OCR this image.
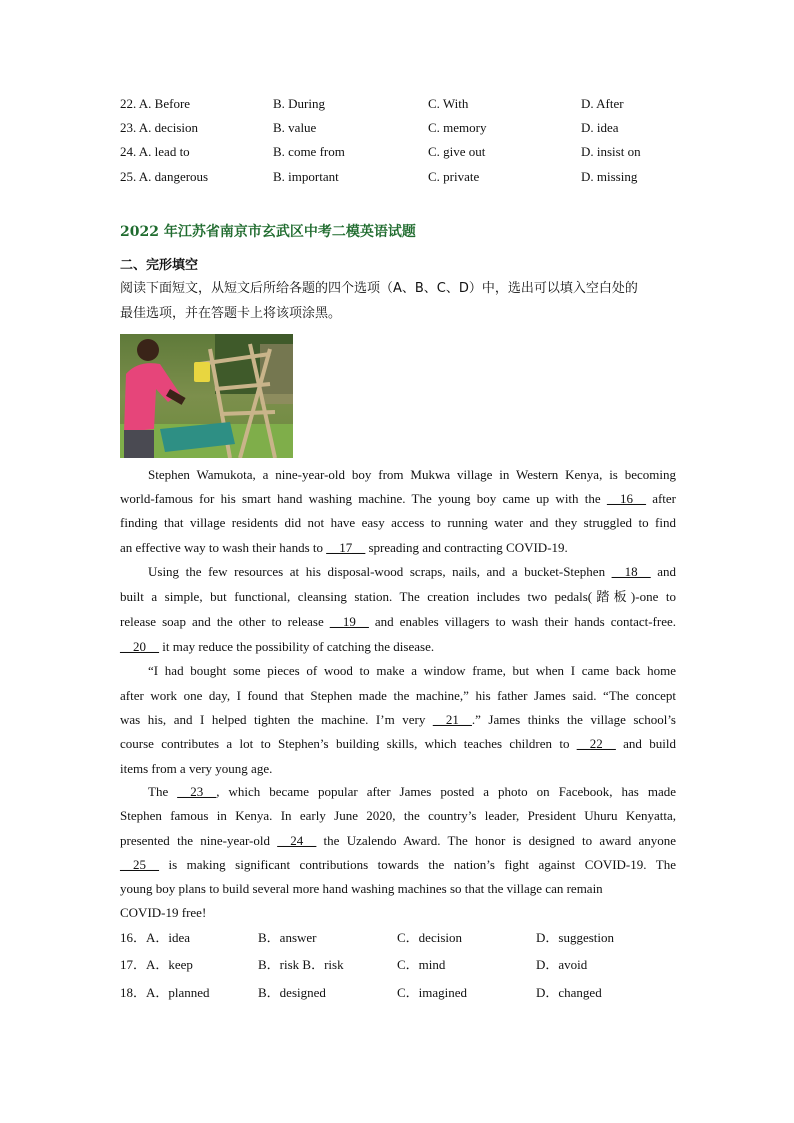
22. A. Before	B. During	C. With	D. After
23. A. decision	B. value	C. memory	D. idea
24. A. lead to	B. come from	C. give out	D. insist on
25. A. dangerous	B. important	C. private	D. missing
2022 年江苏省南京市玄武区中考二模英语试题
二、完形填空
阅读下面短文，从短文后所给各题的四个选项（A、B、C、D）中，选出可以填入空白处的
最佳选项，并在答题卡上将该项涂黑。
Stephen Wamukota, a nine-year-old boy from Mukwa village in Western Kenya, is becoming
world-famous for his smart hand washing machine. The young boy came up with the __16__ after
finding that village residents did not have easy access to running water and they struggled to find
an effective way to wash their hands to __17__ spreading and contracting COVID-19.
Using the few resources at his disposal-wood scraps, nails, and a bucket-Stephen __18__ and
built a simple, but functional, cleansing station. The creation includes two pedals(踏板)-one to
release soap and the other to release __19__ and enables villagers to wash their hands contact-free.
__20__ it may reduce the possibility of catching the disease.
“I had bought some pieces of wood to make a window frame, but when I came back home
after work one day, I found that Stephen made the machine,” his father James said. “The concept
was his, and I helped tighten the machine. I’m very __21__.” James thinks the village school’s
course contributes a lot to Stephen’s building skills, which teaches children to __22__ and build
items from a very young age.
The __23__, which became popular after James posted a photo on Facebook, has made
Stephen famous in Kenya. In early June 2020, the country’s leader, President Uhuru Kenyatta,
presented the nine-year-old __24__ the Uzalendo Award. The honor is designed to award anyone
__25__ is making significant contributions towards the nation’s fight against COVID-19. The
young boy plans to build several more hand washing machines so that the village can remain
COVID-19 free!
16．A．idea	B．answer	C．decision	D．suggestion
17．A．keep	B．risk B．risk	C．mind	D．avoid
18．A．planned	B．designed	C．imagined	D．changed
